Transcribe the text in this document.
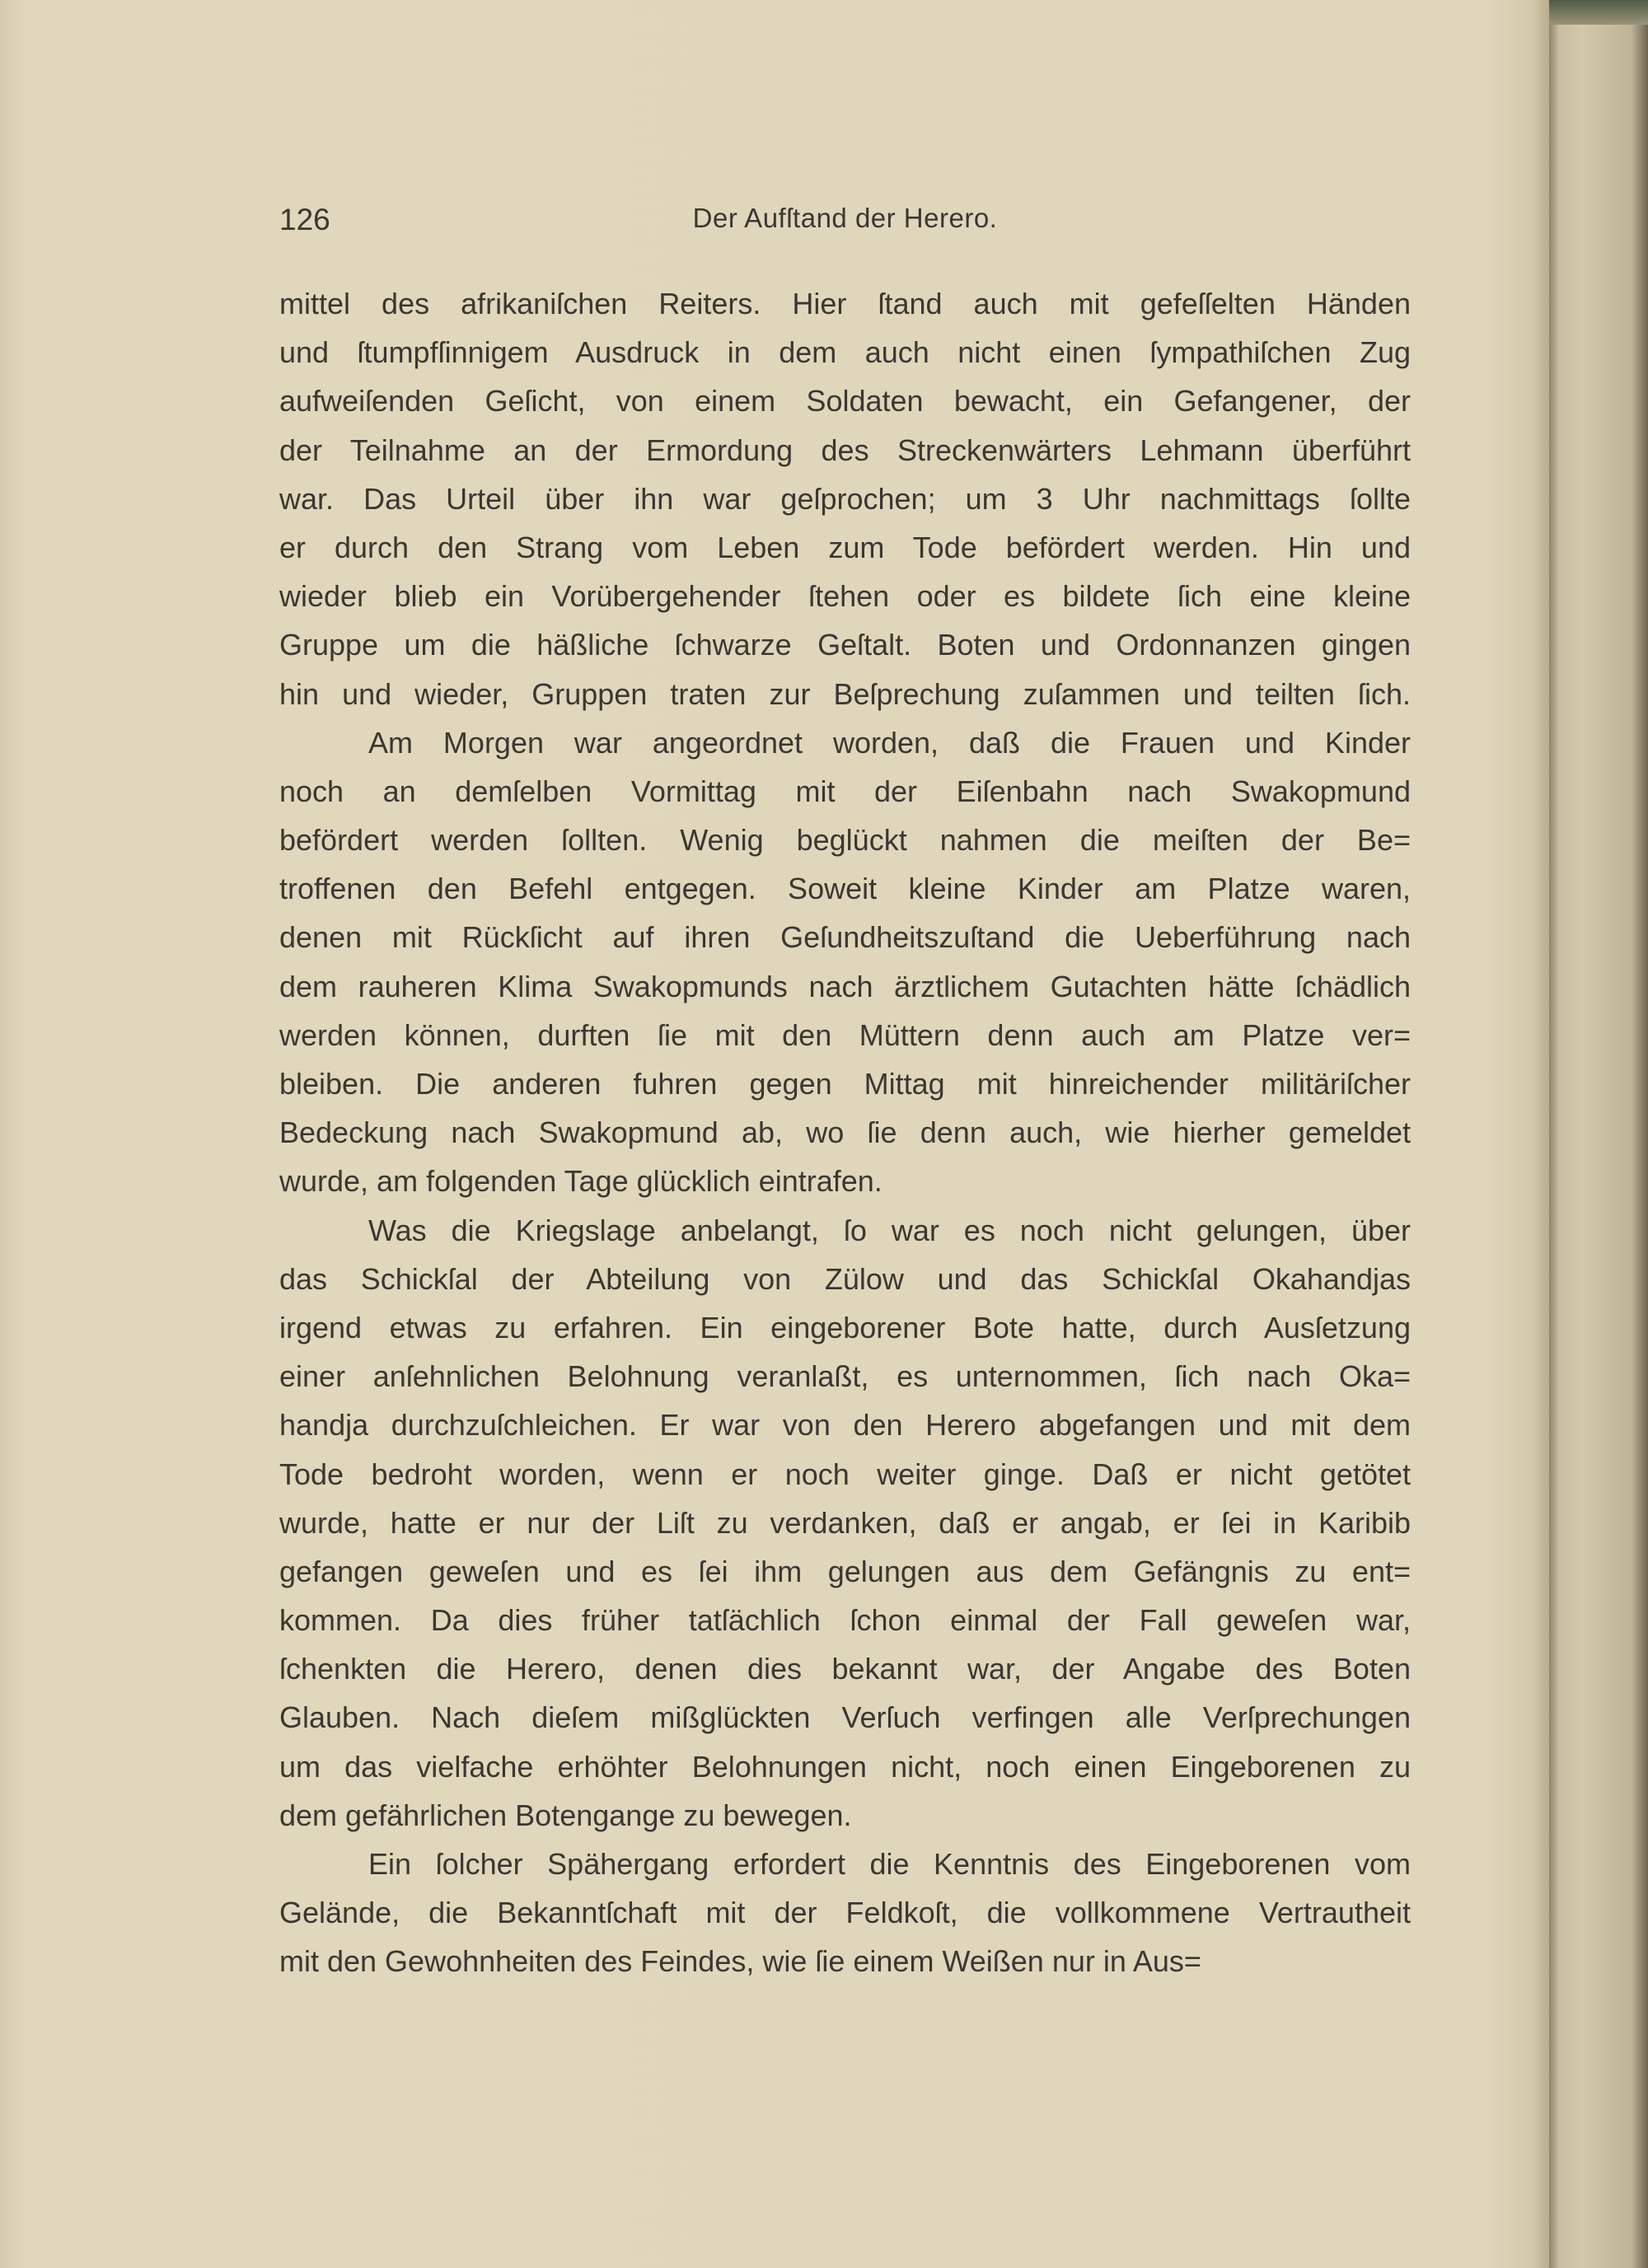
126	Der Aufſtand der Herero.
mittel des afrikaniſchen Reiters. Hier ſtand auch mit gefeſſelten Händen
und ſtumpfſinnigem Ausdruck in dem auch nicht einen ſympathiſchen Zug
aufweiſenden Geſicht, von einem Soldaten bewacht, ein Gefangener, der
der Teilnahme an der Ermordung des Streckenwärters Lehmann überführt
war. Das Urteil über ihn war geſprochen; um 3 Uhr nachmittags ſollte
er durch den Strang vom Leben zum Tode befördert werden. Hin und
wieder blieb ein Vorübergehender ſtehen oder es bildete ſich eine kleine
Gruppe um die häßliche ſchwarze Geſtalt. Boten und Ordonnanzen gingen
hin und wieder, Gruppen traten zur Beſprechung zuſammen und teilten ſich.
Am Morgen war angeordnet worden, daß die Frauen und Kinder
noch an demſelben Vormittag mit der Eiſenbahn nach Swakopmund
befördert werden ſollten. Wenig beglückt nahmen die meiſten der Be=
troffenen den Befehl entgegen. Soweit kleine Kinder am Platze waren,
denen mit Rückſicht auf ihren Geſundheitszuſtand die Ueberführung nach
dem rauheren Klima Swakopmunds nach ärztlichem Gutachten hätte ſchädlich
werden können, durften ſie mit den Müttern denn auch am Platze ver=
bleiben. Die anderen fuhren gegen Mittag mit hinreichender militäriſcher
Bedeckung nach Swakopmund ab, wo ſie denn auch, wie hierher gemeldet
wurde, am folgenden Tage glücklich eintrafen.
Was die Kriegslage anbelangt, ſo war es noch nicht gelungen, über
das Schickſal der Abteilung von Zülow und das Schickſal Okahandjas
irgend etwas zu erfahren. Ein eingeborener Bote hatte, durch Ausſetzung
einer anſehnlichen Belohnung veranlaßt, es unternommen, ſich nach Oka=
handja durchzuſchleichen. Er war von den Herero abgefangen und mit dem
Tode bedroht worden, wenn er noch weiter ginge. Daß er nicht getötet
wurde, hatte er nur der Liſt zu verdanken, daß er angab, er ſei in Karibib
gefangen geweſen und es ſei ihm gelungen aus dem Gefängnis zu ent=
kommen. Da dies früher tatſächlich ſchon einmal der Fall geweſen war,
ſchenkten die Herero, denen dies bekannt war, der Angabe des Boten
Glauben. Nach dieſem mißglückten Verſuch verfingen alle Verſprechungen
um das vielfache erhöhter Belohnungen nicht, noch einen Eingeborenen zu
dem gefährlichen Botengange zu bewegen.
Ein ſolcher Spähergang erfordert die Kenntnis des Eingeborenen vom
Gelände, die Bekanntſchaft mit der Feldkoſt, die vollkommene Vertrautheit
mit den Gewohnheiten des Feindes, wie ſie einem Weißen nur in Aus=
